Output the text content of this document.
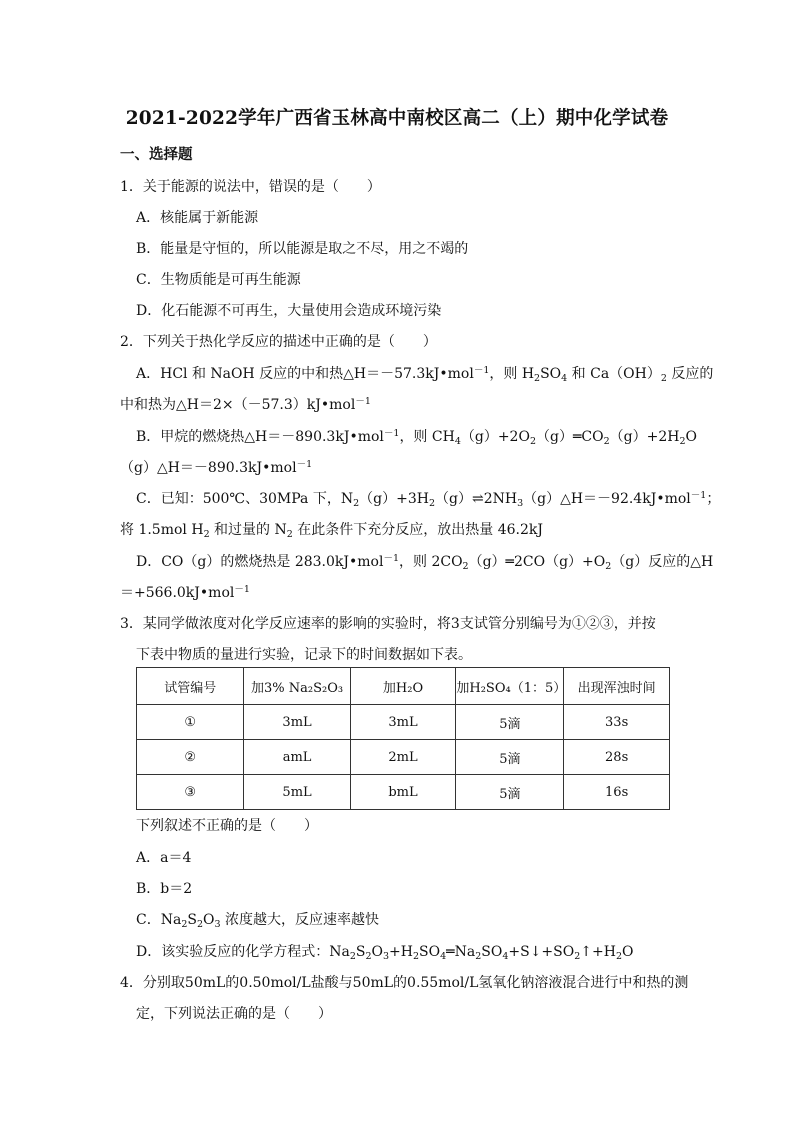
2021-2022学年广西省玉林高中南校区高二（上）期中化学试卷
一、选择题
1．关于能源的说法中，错误的是（　　）
A．核能属于新能源
B．能量是守恒的，所以能源是取之不尽，用之不竭的
C．生物质能是可再生能源
D．化石能源不可再生，大量使用会造成环境污染
2．下列关于热化学反应的描述中正确的是（　　）
A．HCl 和 NaOH 反应的中和热△H＝－57.3kJ•mol$^{-1}$，则 $H_2SO_4$ 和 $Ca(OH)_2$ 反应的
中和热为△H＝2×（－57.3）kJ•mol$^{-1}$
B．甲烷的燃烧热△H＝－890.3kJ•mol$^{-1}$，则 $CH_4(g)+2O_2(g)═CO_2(g)+2H_2O$
（g）△H＝－890.3kJ•mol$^{-1}$
C．已知：500℃、30MPa 下，$N_2(g)+3H_2(g)\rightleftharpoons 2NH_3(g)\triangle H=-92.4kJ•mol^{-1}$；
将 1.5mol $H_2$ 和过量的 $N_2$ 在此条件下充分反应，放出热量 46.2kJ
D．CO（g）的燃烧热是 283.0kJ•mol$^{-1}$，则 $2CO_2(g)═2CO(g)+O_2(g)$反应的△H
＝+566.0kJ•mol$^{-1}$
3．某同学做浓度对化学反应速率的影响的实验时，将3支试管分别编号为①②③，并按
下表中物质的量进行实验，记录下的时间数据如下表。
试管编号	加3% Na₂S₂O₃	加H₂O	加H₂SO₄（1：5）	出现浑浊时间
①	3mL	3mL	5滴	33s
②	amL	2mL	5滴	28s
③	5mL	bmL	5滴	16s
下列叙述不正确的是（　　）
A．a＝4
B．b＝2
C．$Na_2S_2O_3$ 浓度越大，反应速率越快
D．该实验反应的化学方程式：$Na_2S_2O_3+H_2SO_4═Na_2SO_4+S↓+SO_2↑+H_2O$
4．分别取50mL的0.50mol/L盐酸与50mL的0.55mol/L氢氧化钠溶液混合进行中和热的测
定，下列说法正确的是（　　）
